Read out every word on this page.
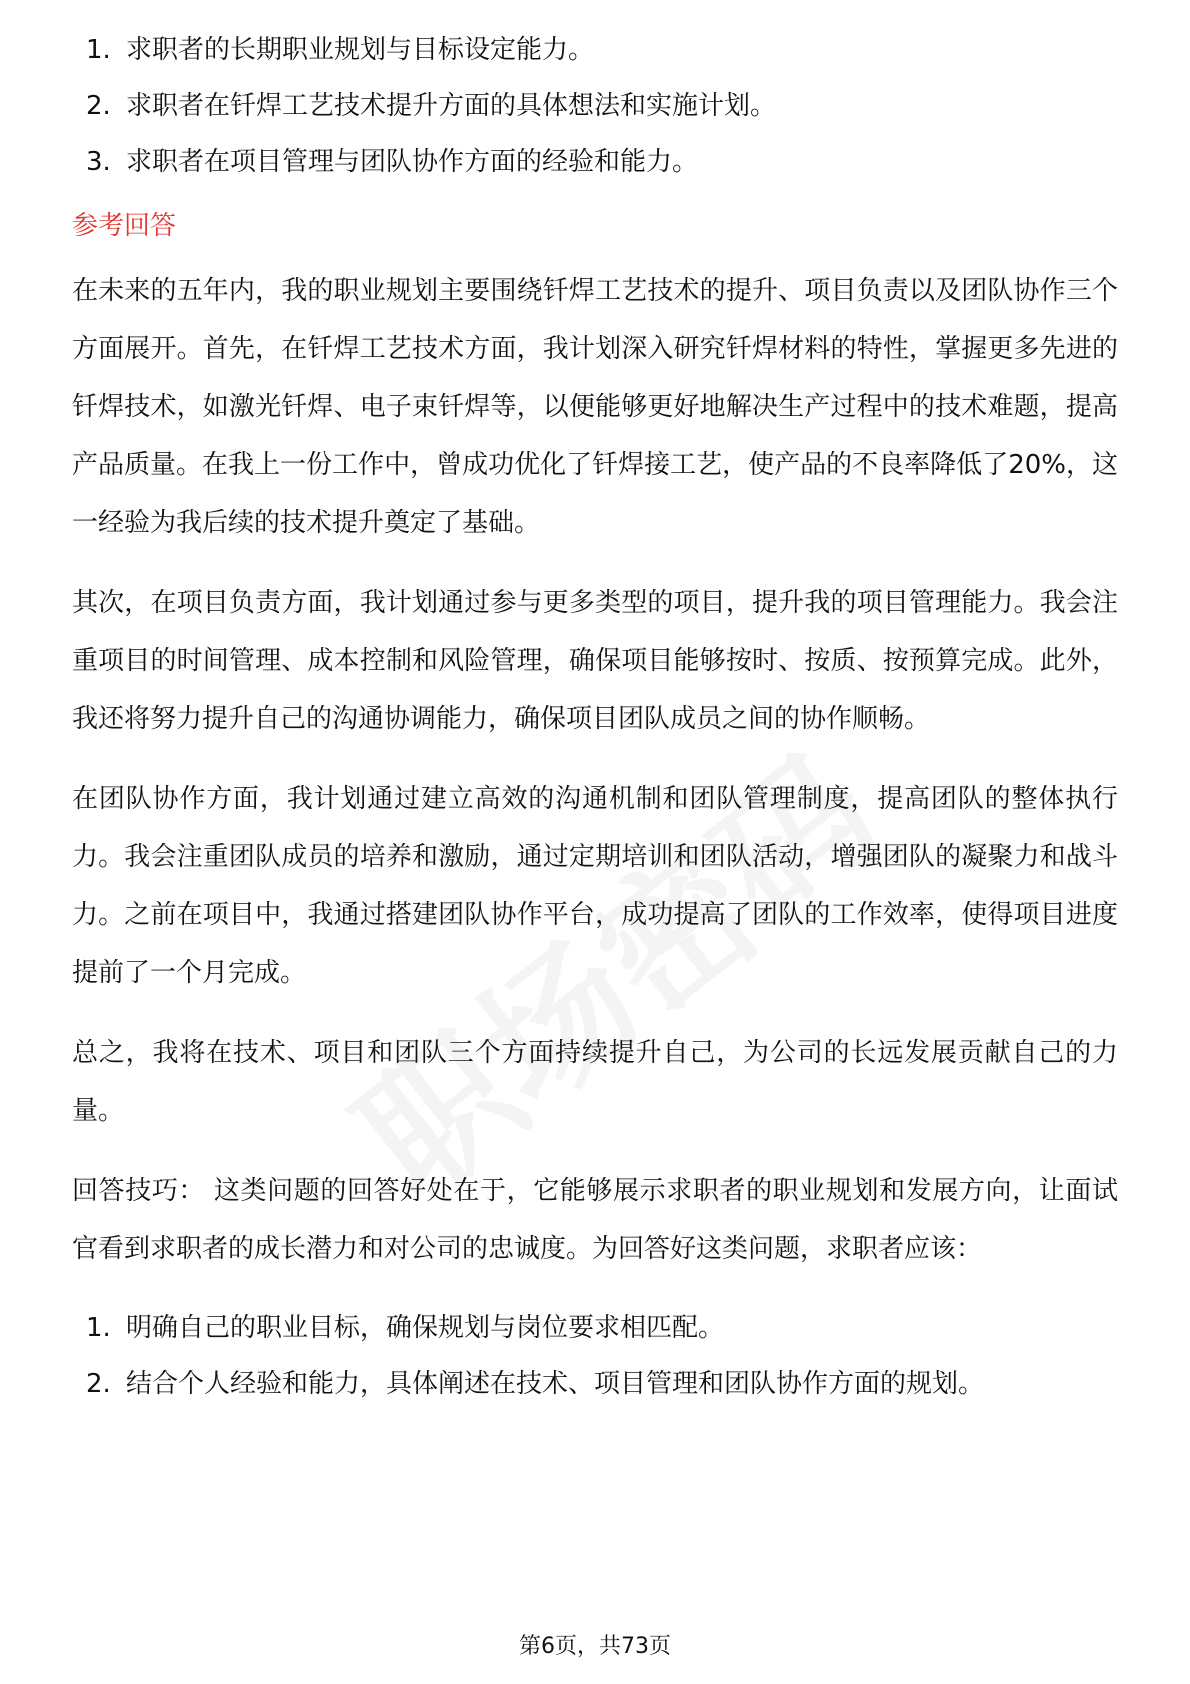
1. 求职者的长期职业规划与目标设定能力。
2. 求职者在钎焊工艺技术提升方面的具体想法和实施计划。
3. 求职者在项目管理与团队协作方面的经验和能力。
参考回答

在未来的五年内，我的职业规划主要围绕钎焊工艺技术的提升、项目负责以及团队协作三个方面展开。首先，在钎焊工艺技术方面，我计划深入研究钎焊材料的特性，掌握更多先进的钎焊技术，如激光钎焊、电子束钎焊等，以便能够更好地解决生产过程中的技术难题，提高产品质量。在我上一份工作中，曾成功优化了钎焊接工艺，使产品的不良率降低了20%，这一经验为我后续的技术提升奠定了基础。

其次，在项目负责方面，我计划通过参与更多类型的项目，提升我的项目管理能力。我会注重项目的时间管理、成本控制和风险管理，确保项目能够按时、按质、按预算完成。此外，我还将努力提升自己的沟通协调能力，确保项目团队成员之间的协作顺畅。

在团队协作方面，我计划通过建立高效的沟通机制和团队管理制度，提高团队的整体执行力。我会注重团队成员的培养和激励，通过定期培训和团队活动，增强团队的凝聚力和战斗力。之前在项目中，我通过搭建团队协作平台，成功提高了团队的工作效率，使得项目进度提前了一个月完成。

总之，我将在技术、项目和团队三个方面持续提升自己，为公司的长远发展贡献自己的力量。

回答技巧： 这类问题的回答好处在于，它能够展示求职者的职业规划和发展方向，让面试官看到求职者的成长潜力和对公司的忠诚度。为回答好这类问题，求职者应该：

1. 明确自己的职业目标，确保规划与岗位要求相匹配。
2. 结合个人经验和能力，具体阐述在技术、项目管理和团队协作方面的规划。
第6页，共73页
